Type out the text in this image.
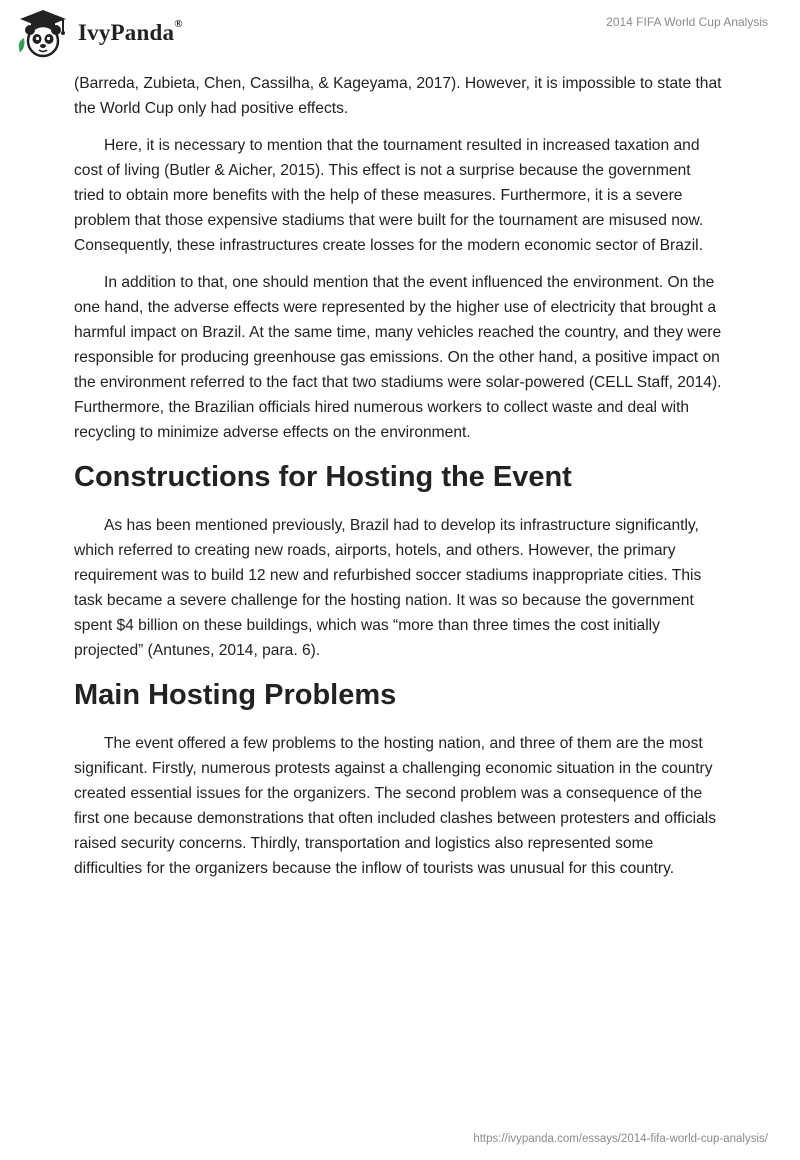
IvyPanda®	2014 FIFA World Cup Analysis

(Barreda, Zubieta, Chen, Cassilha, & Kageyama, 2017). However, it is impossible to state that the World Cup only had positive effects.

Here, it is necessary to mention that the tournament resulted in increased taxation and cost of living (Butler & Aicher, 2015). This effect is not a surprise because the government tried to obtain more benefits with the help of these measures. Furthermore, it is a severe problem that those expensive stadiums that were built for the tournament are misused now. Consequently, these infrastructures create losses for the modern economic sector of Brazil.

In addition to that, one should mention that the event influenced the environment. On the one hand, the adverse effects were represented by the higher use of electricity that brought a harmful impact on Brazil. At the same time, many vehicles reached the country, and they were responsible for producing greenhouse gas emissions. On the other hand, a positive impact on the environment referred to the fact that two stadiums were solar-powered (CELL Staff, 2014). Furthermore, the Brazilian officials hired numerous workers to collect waste and deal with recycling to minimize adverse effects on the environment.

Constructions for Hosting the Event

As has been mentioned previously, Brazil had to develop its infrastructure significantly, which referred to creating new roads, airports, hotels, and others. However, the primary requirement was to build 12 new and refurbished soccer stadiums inappropriate cities. This task became a severe challenge for the hosting nation. It was so because the government spent $4 billion on these buildings, which was “more than three times the cost initially projected” (Antunes, 2014, para. 6).

Main Hosting Problems

The event offered a few problems to the hosting nation, and three of them are the most significant. Firstly, numerous protests against a challenging economic situation in the country created essential issues for the organizers. The second problem was a consequence of the first one because demonstrations that often included clashes between protesters and officials raised security concerns. Thirdly, transportation and logistics also represented some difficulties for the organizers because the inflow of tourists was unusual for this country.

https://ivypanda.com/essays/2014-fifa-world-cup-analysis/
